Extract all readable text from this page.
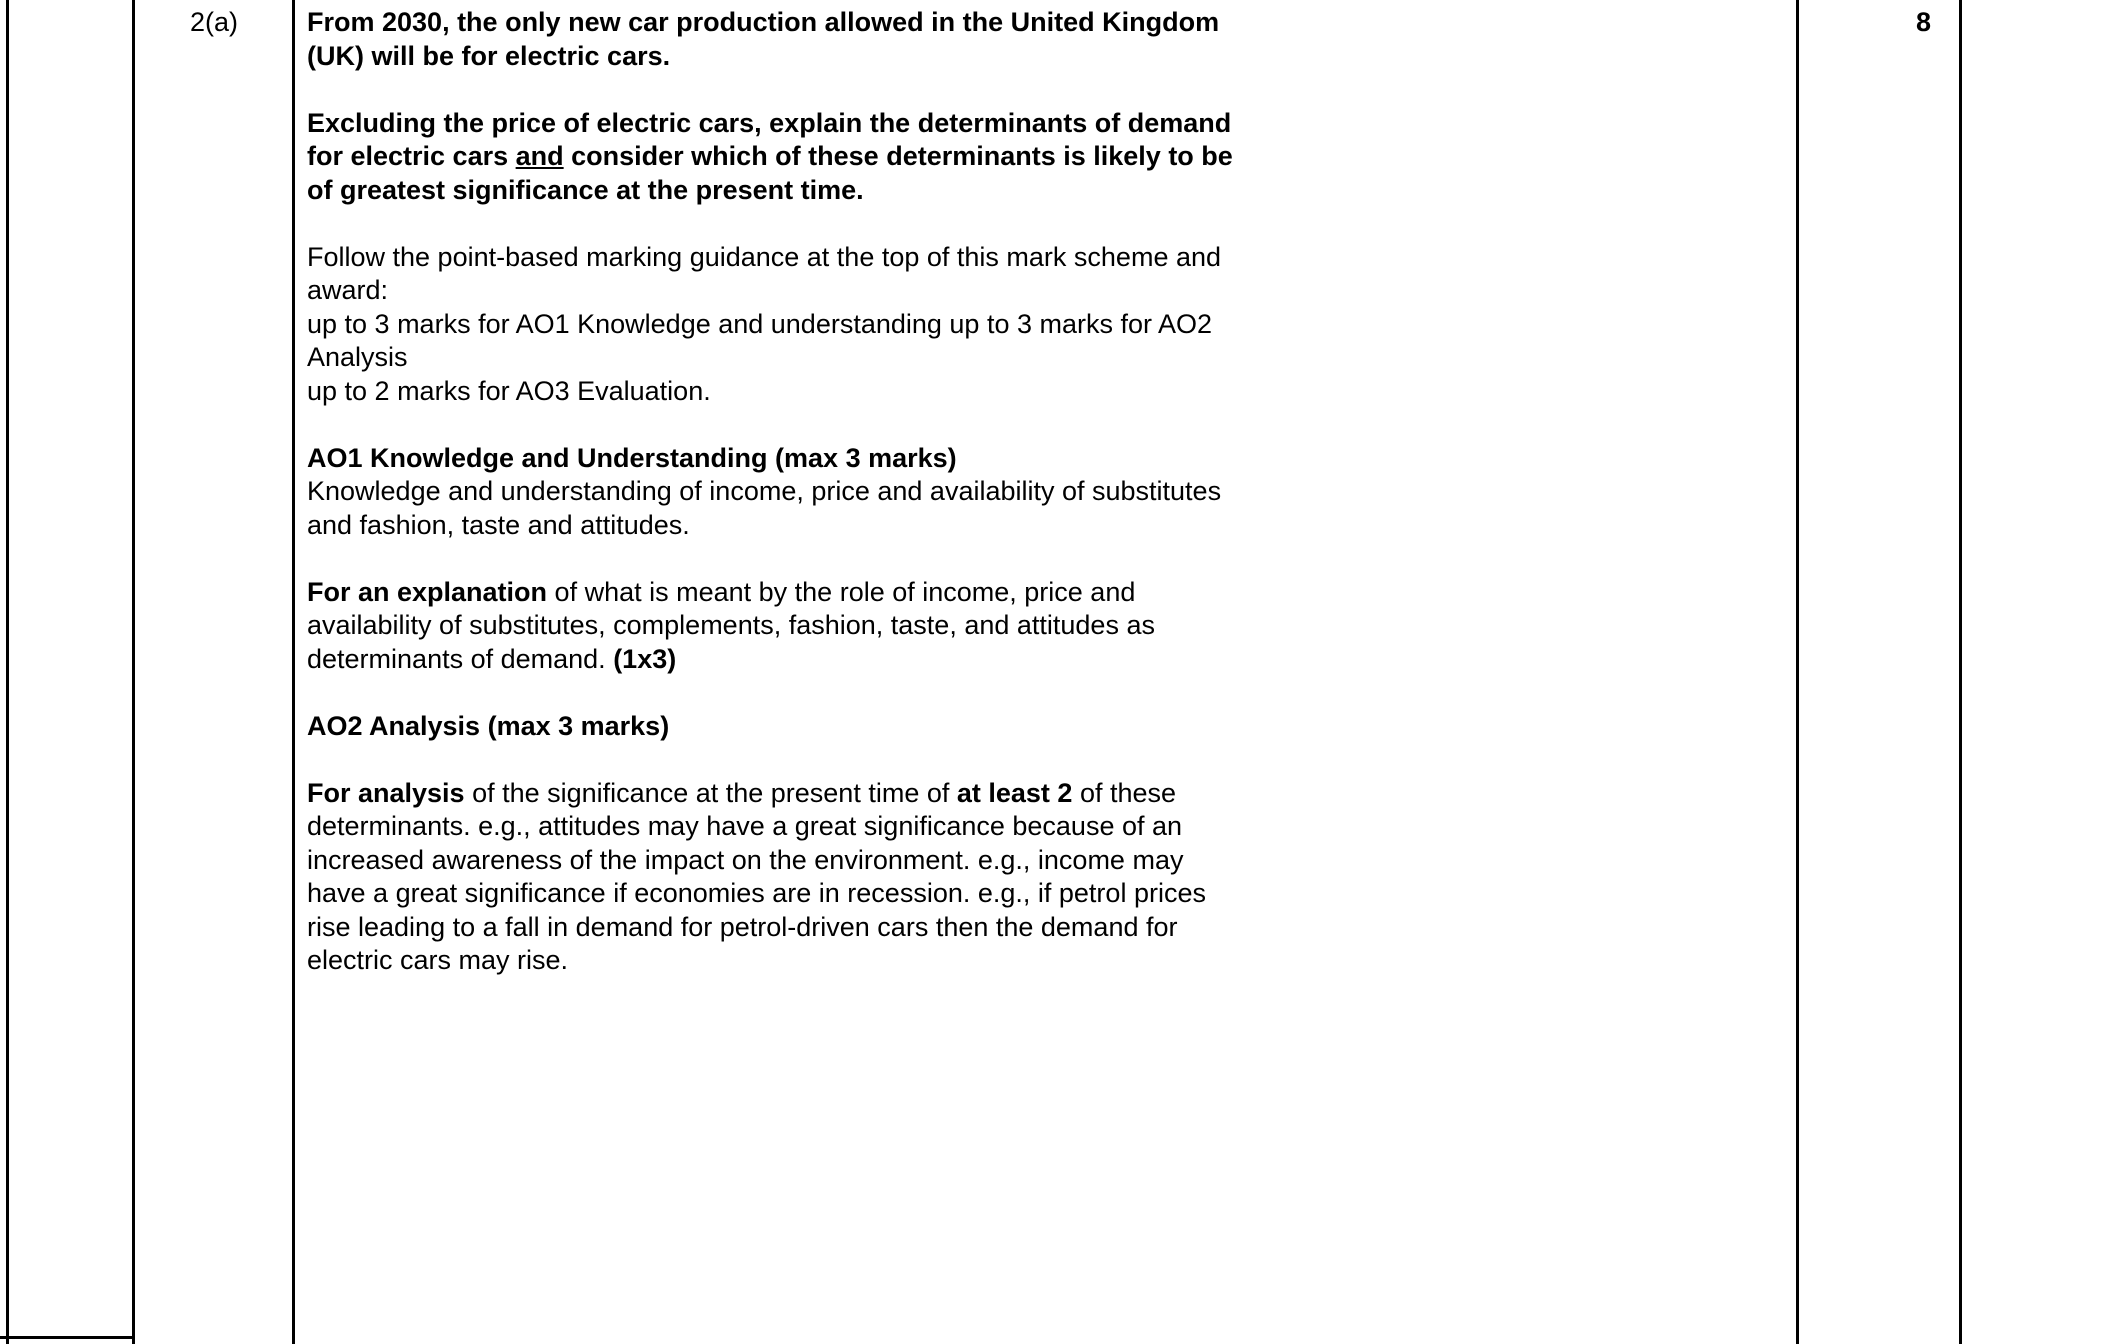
2(a)	From 2030, the only new car production allowed in the United Kingdom
(UK) will be for electric cars.
Excluding the price of electric cars, explain the determinants of demand
for electric cars and consider which of these determinants is likely to be
of greatest significance at the present time.
Follow the point-based marking guidance at the top of this mark scheme and
award:
up to 3 marks for AO1 Knowledge and understanding up to 3 marks for AO2
Analysis
up to 2 marks for AO3 Evaluation.
AO1 Knowledge and Understanding (max 3 marks)
Knowledge and understanding of income, price and availability of substitutes
and fashion, taste and attitudes.
For an explanation of what is meant by the role of income, price and
availability of substitutes, complements, fashion, taste, and attitudes as
determinants of demand. (1x3)
AO2 Analysis (max 3 marks)
For analysis of the significance at the present time of at least 2 of these
determinants. e.g., attitudes may have a great significance because of an
increased awareness of the impact on the environment. e.g., income may
have a great significance if economies are in recession. e.g., if petrol prices
rise leading to a fall in demand for petrol-driven cars then the demand for
electric cars may rise.
8
